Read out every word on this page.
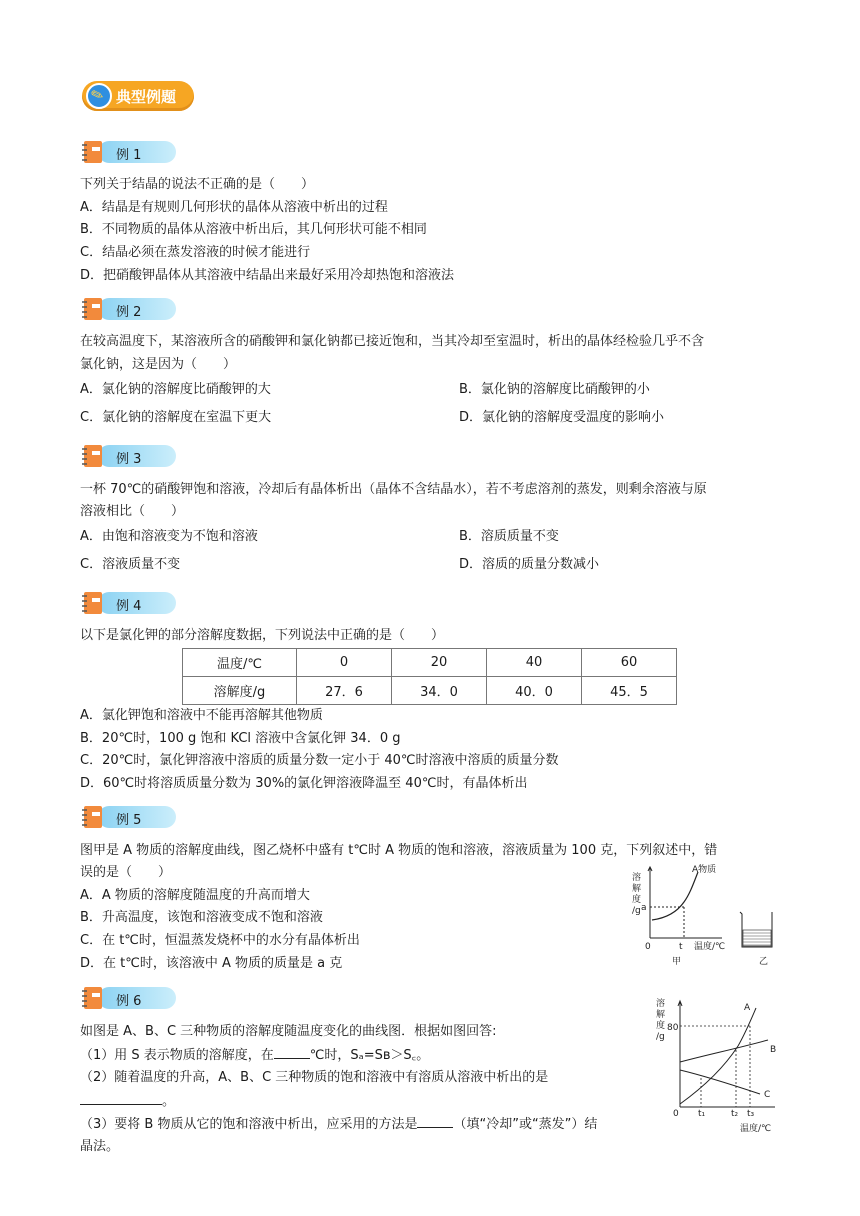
✎ 典型例题
例 1
下列关于结晶的说法不正确的是（　　）
A．结晶是有规则几何形状的晶体从溶液中析出的过程
B．不同物质的晶体从溶液中析出后，其几何形状可能不相同
C．结晶必须在蒸发溶液的时候才能进行
D．把硝酸钾晶体从其溶液中结晶出来最好采用冷却热饱和溶液法
例 2
在较高温度下，某溶液所含的硝酸钾和氯化钠都已接近饱和，当其冷却至室温时，析出的晶体经检验几乎不含
氯化钠，这是因为（　　）
A．氯化钠的溶解度比硝酸钾的大	B．氯化钠的溶解度比硝酸钾的小
C．氯化钠的溶解度在室温下更大	D．氯化钠的溶解度受温度的影响小
例 3
一杯 70℃的硝酸钾饱和溶液，冷却后有晶体析出（晶体不含结晶水），若不考虑溶剂的蒸发，则剩余溶液与原
溶液相比（　　）
A．由饱和溶液变为不饱和溶液	B．溶质质量不变
C．溶液质量不变	D．溶质的质量分数减小
例 4
以下是氯化钾的部分溶解度数据，下列说法中正确的是（　　）
温度/℃	0	20	40	60
溶解度/g	27．6	34．0	40．0	45．5
A．氯化钾饱和溶液中不能再溶解其他物质
B．20℃时，100 g 饱和 KCl 溶液中含氯化钾 34．0 g
C．20℃时，氯化钾溶液中溶质的质量分数一定小于 40℃时溶液中溶质的质量分数
D．60℃时将溶质质量分数为 30%的氯化钾溶液降温至 40℃时，有晶体析出
例 5
图甲是 A 物质的溶解度曲线，图乙烧杯中盛有 t℃时 A 物质的饱和溶液，溶液质量为 100 克，下列叙述中，错
误的是（　　）
A．A 物质的溶解度随温度的升高而增大
B．升高温度，该饱和溶液变成不饱和溶液
C．在 t℃时，恒温蒸发烧杯中的水分有晶体析出
D．在 t℃时，该溶液中 A 物质的质量是 a 克
溶
解
度
/g a
0	t 温度/℃
A物质
甲	乙
例 6
如图是 A、B、C 三种物质的溶解度随温度变化的曲线图．根据如图回答:
（1）用 S 表示物质的溶解度，在	℃时，Sₐ=Sʙ＞S꜀。
（2）随着温度的升高，A、B、C 三种物质的饱和溶液中有溶质从溶液中析出的是
。
（3）要将 B 物质从它的饱和溶液中析出，应采用的方法是	（填“冷却”或“蒸发”）结
晶法。
溶
解
度
/g
80
0 t₁	t₂ t₃
温度/℃
A
B
C
